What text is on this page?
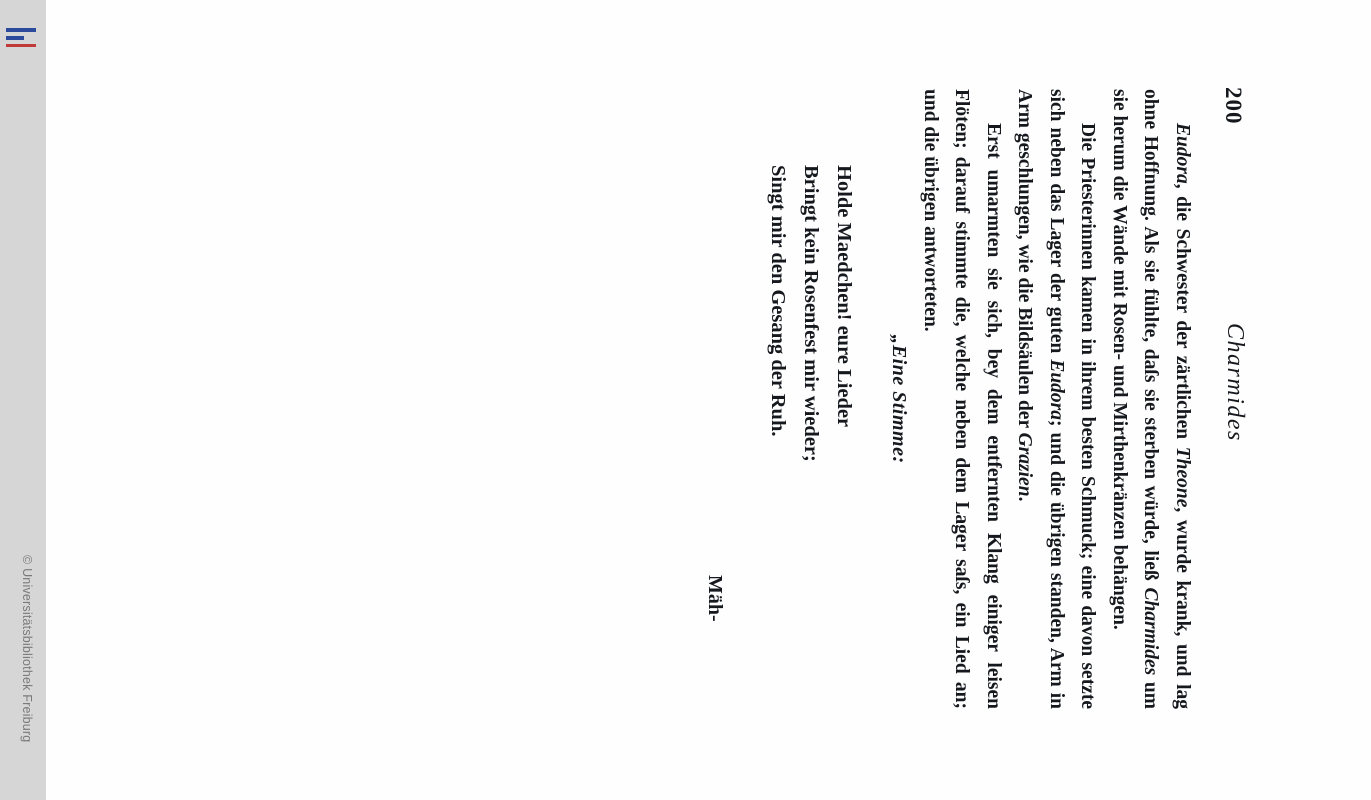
© Universitätsbibliothek Freiburg
200
Charmides

Eudora, die Schwester der zärtlichen Theone, wurde krank, und lag ohne Hoffnung. Als sie fühlte, daſs sie sterben würde, ließ Charmides um sie herum die Wände mit Rosen- und Mirthenkränzen behängen.

Die Priesterinnen kamen in ihrem besten Schmuck; eine davon setzte sich neben das Lager der guten Eudora; und die übrigen standen, Arm in Arm geschlungen, wie die Bildsäulen der Grazien.

Erst umarmten sie sich, bey dem entfernten Klang einiger leisen Flöten; darauf stimmte die, welche neben dem Lager saſs, ein Lied an; und die übrigen antworteten.

„Eine Stimme:
Holde Maedchen! eure Lieder
Bringt kein Rosenfest mir wieder;
Singt mir den Gesang der Ruh.
Mäh-
